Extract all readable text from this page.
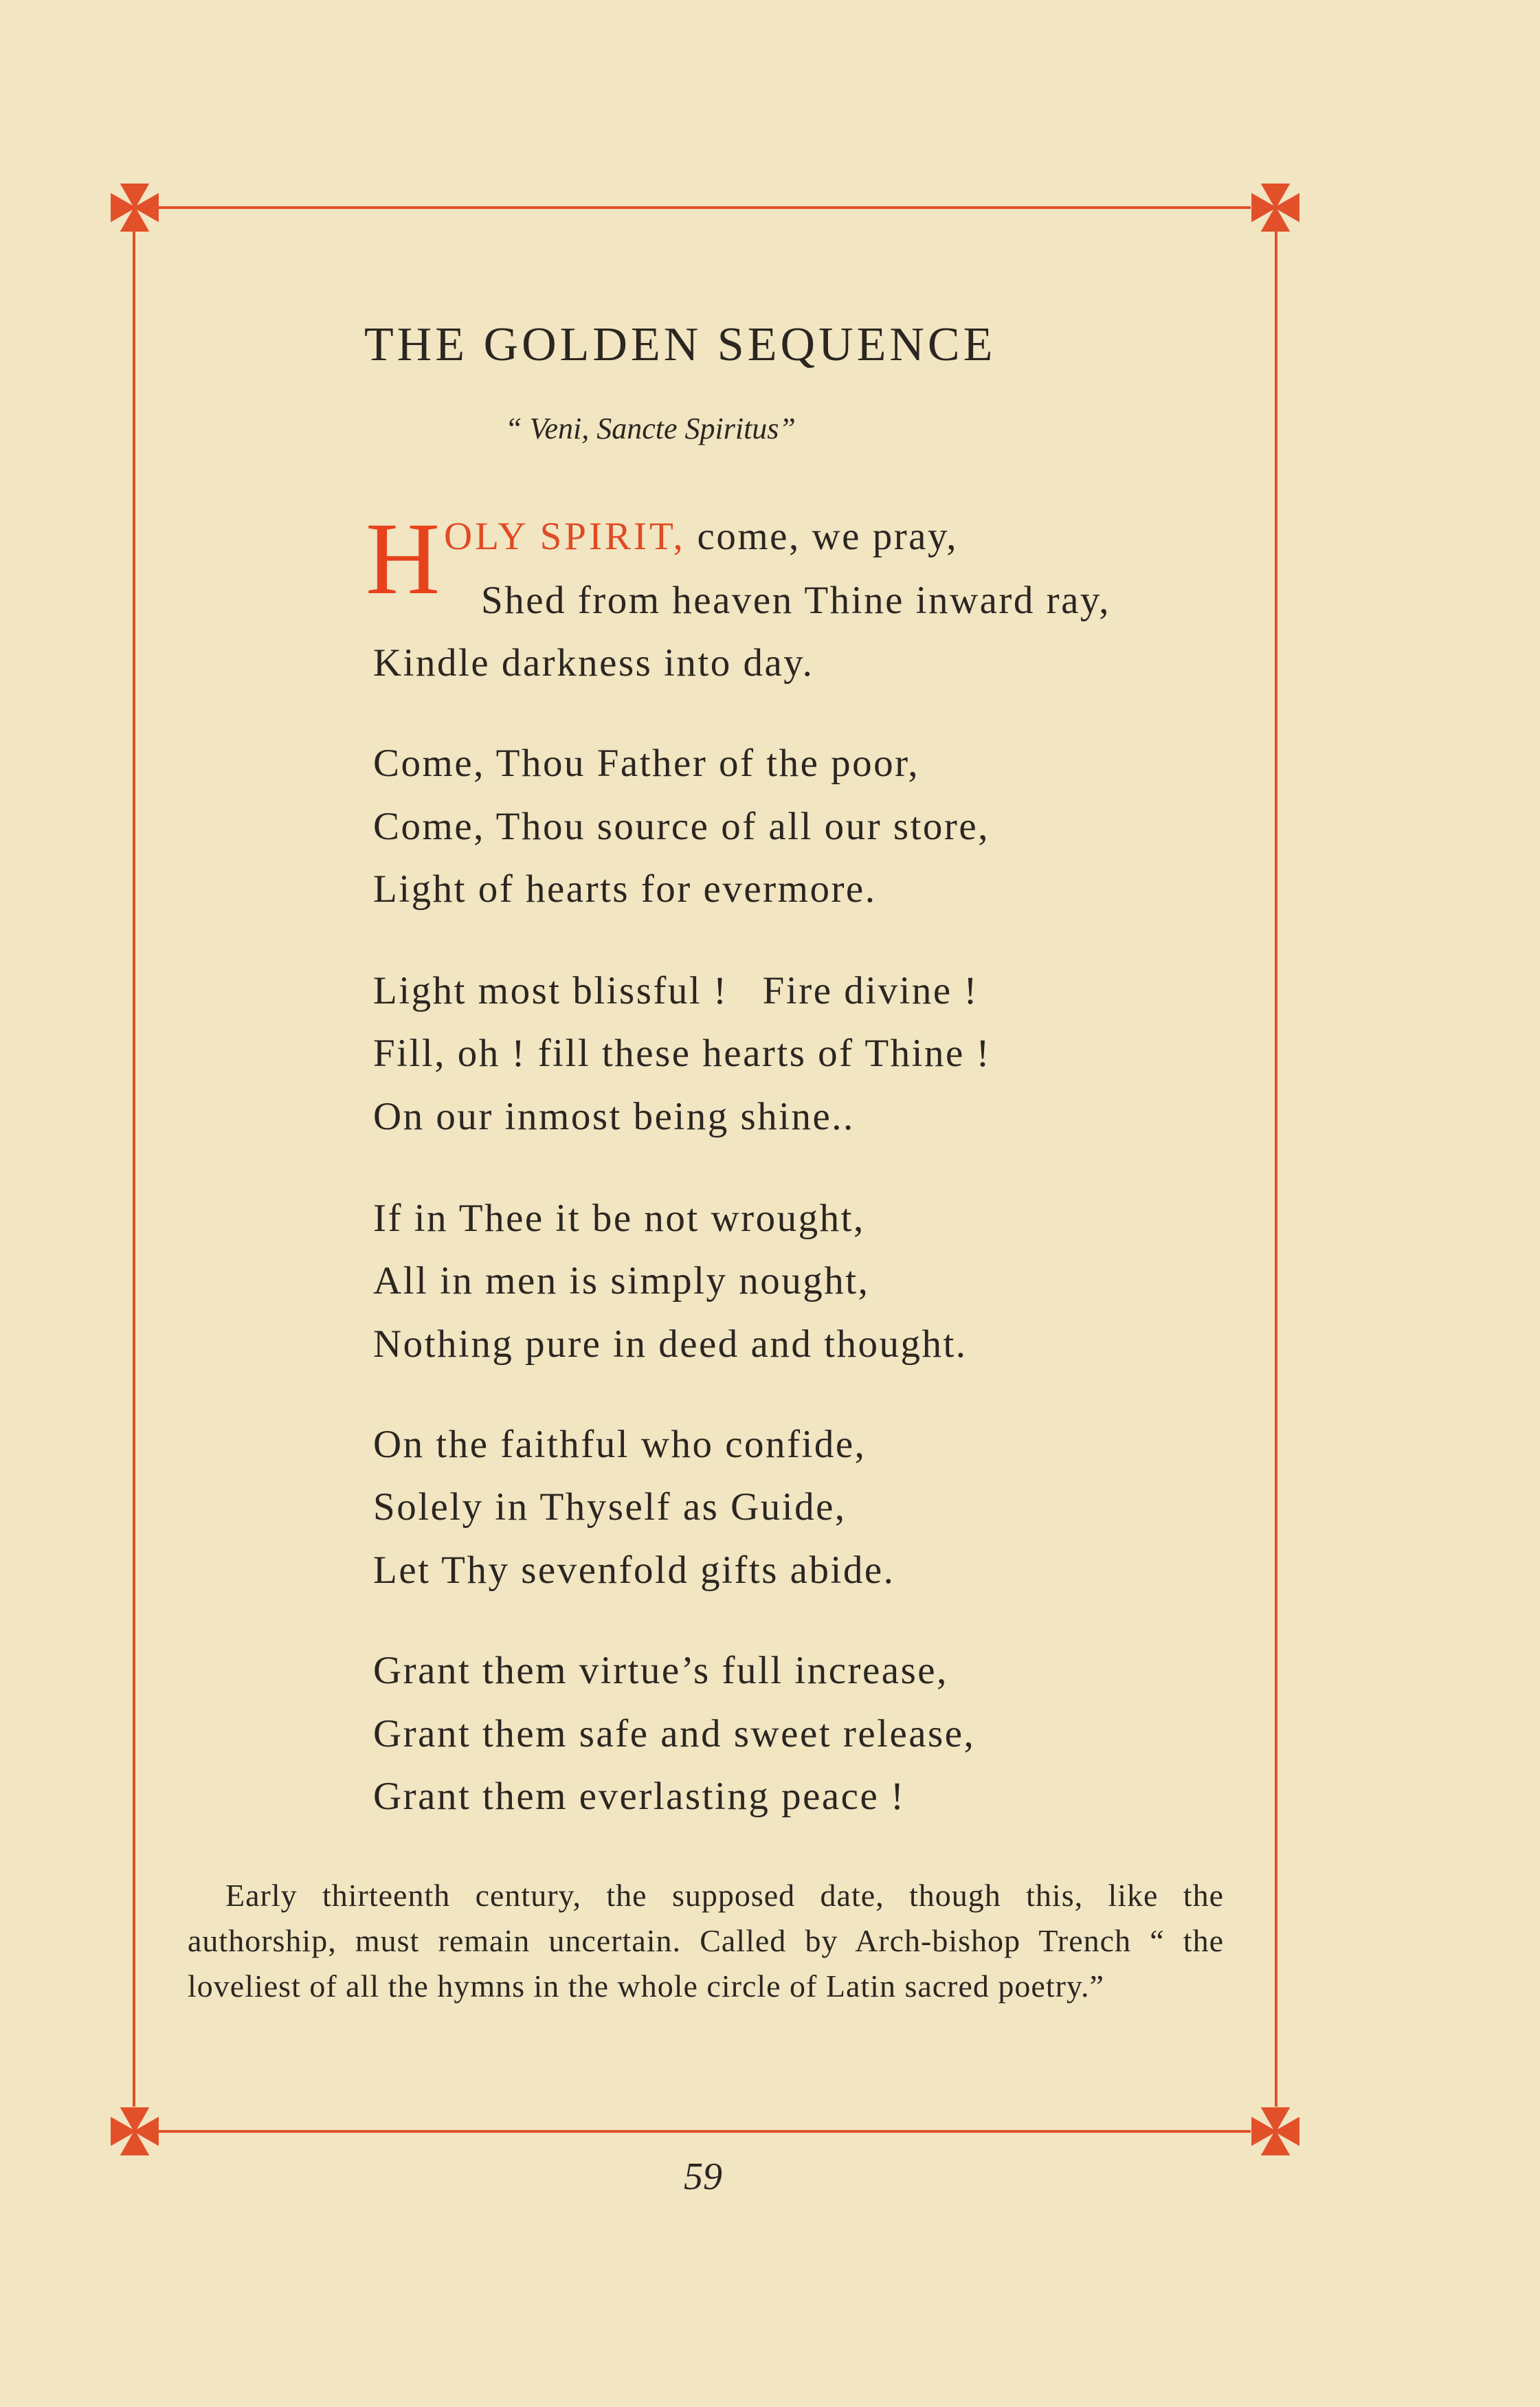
THE GOLDEN SEQUENCE
“ Veni, Sancte Spiritus”
H OLY SPIRIT, come, we pray,
Shed from heaven Thine inward ray,
Kindle darkness into day.
Come, Thou Father of the poor,
Come, Thou source of all our store,
Light of hearts for evermore.
Light most blissful !   Fire divine !
Fill, oh ! fill these hearts of Thine !
On our inmost being shine..
If in Thee it be not wrought,
All in men is simply nought,
Nothing pure in deed and thought.
On the faithful who confide,
Solely in Thyself as Guide,
Let Thy sevenfold gifts abide.
Grant them virtue’s full increase,
Grant them safe and sweet release,
Grant them everlasting peace !

Early thirteenth century, the supposed date, though this, like the authorship, must remain uncertain. Called by Arch-bishop Trench “ the loveliest of all the hymns in the whole circle of Latin sacred poetry.”

59
